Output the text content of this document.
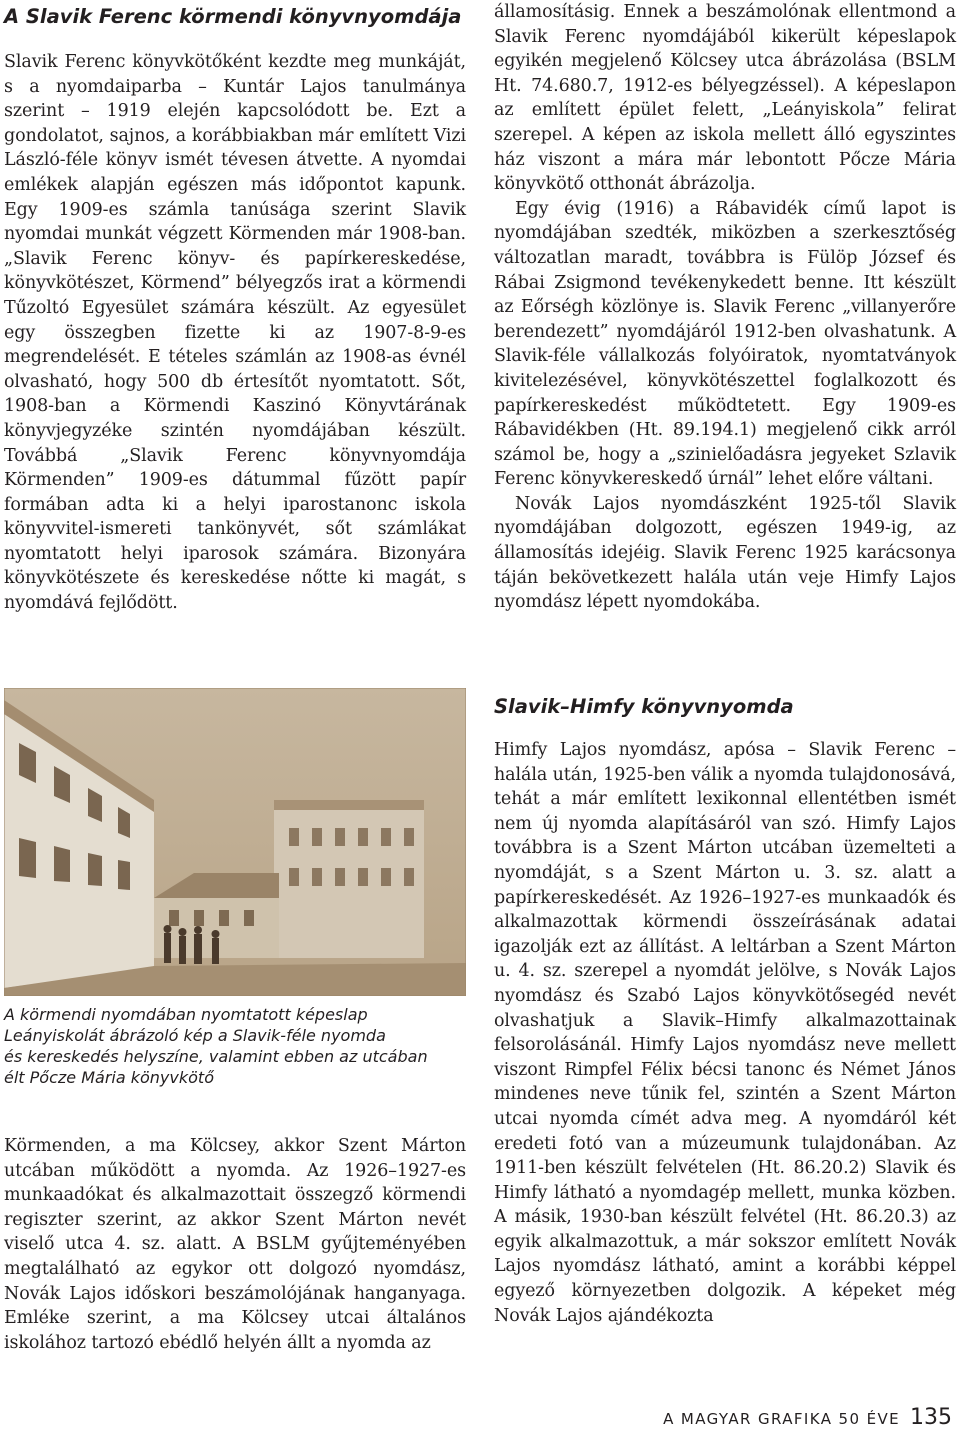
A Slavik Ferenc körmendi könyvnyomdája

Slavik Ferenc könyvkötőként kezdte meg munkáját, s a nyomdaiparba – Kuntár Lajos tanulmánya szerint – 1919 elején kapcsolódott be. Ezt a gondolatot, sajnos, a korábbiakban már említett Vizi László-féle könyv ismét tévesen átvette. A nyomdai emlékek alapján egészen más időpontot kapunk. Egy 1909-es számla tanúsága szerint Slavik nyomdai munkát végzett Körmenden már 1908-ban. „Slavik Ferenc könyv- és papírkereskedése, könyvkötészet, Körmend” bélyegzős irat a körmendi Tűzoltó Egyesület számára készült. Az egyesület egy összegben fizette ki az 1907-8-9-es megrendelését. E tételes számlán az 1908-as évnél olvasható, hogy 500 db értesítőt nyomtatott. Sőt, 1908-ban a Körmendi Kaszinó Könyvtárának könyvjegyzéke szintén nyomdájában készült. Továbbá „Slavik Ferenc könyvnyomdája Körmenden” 1909-es dátummal fűzött papír formában adta ki a helyi iparostanonc iskola könyvvitel-ismereti tankönyvét, sőt számlákat nyomtatott helyi iparosok számára. Bizonyára könyvkötészete és kereskedése nőtte ki magát, s nyomdává fejlődött.

A körmendi nyomdában nyomtatott képeslap
Leányiskolát ábrázoló kép a Slavik-féle nyomda
és kereskedés helyszíne, valamint ebben az utcában
élt Pőcze Mária könyvkötő

Körmenden, a ma Kölcsey, akkor Szent Márton utcában működött a nyomda. Az 1926–1927-es munkaadókat és alkalmazottait összegző körmendi regiszter szerint, az akkor Szent Márton nevét viselő utca 4. sz. alatt. A BSLM gyűjteményében megtalálható az egykor ott dolgozó nyomdász, Novák Lajos időskori beszámolójának hanganyaga. Emléke szerint, a ma Kölcsey utcai általános iskolához tartozó ebédlő helyén állt a nyomda az

államosításig. Ennek a beszámolónak ellentmond a Slavik Ferenc nyomdájából kikerült képeslapok egyikén megjelenő Kölcsey utca ábrázolása (BSLM Ht. 74.680.7, 1912-es bélyegzéssel). A képeslapon az említett épület felett, „Leányiskola” felirat szerepel. A képen az iskola mellett álló egyszintes ház viszont a mára már lebontott Pőcze Mária könyvkötő otthonát ábrázolja.

Egy évig (1916) a Rábavidék című lapot is nyomdájában szedték, miközben a szerkesztőség változatlan maradt, továbbra is Fülöp József és Rábai Zsigmond tevékenykedett benne. Itt készült az Eőrségh közlönye is. Slavik Ferenc „villanyerőre berendezett” nyomdájáról 1912-ben olvashatunk. A Slavik-féle vállalkozás folyóiratok, nyomtatványok kivitelezésével, könyvkötészettel foglalkozott és papírkereskedést működtetett. Egy 1909-es Rábavidékben (Ht. 89.194.1) megjelenő cikk arról számol be, hogy a „szinielőadásra jegyeket Szlavik Ferenc könyvkereskedő úrnál” lehet előre váltani.

Novák Lajos nyomdászként 1925-től Slavik nyomdájában dolgozott, egészen 1949-ig, az államosítás idejéig. Slavik Ferenc 1925 karácsonya táján bekövetkezett halála után veje Himfy Lajos nyomdász lépett nyomdokába.

Slavik–Himfy könyvnyomda

Himfy Lajos nyomdász, apósa – Slavik Ferenc – halála után, 1925-ben válik a nyomda tulajdonosává, tehát a már említett lexikonnal ellentétben ismét nem új nyomda alapításáról van szó. Himfy Lajos továbbra is a Szent Márton utcában üzemelteti a nyomdáját, s a Szent Márton u. 3. sz. alatt a papírkereskedését. Az 1926–1927-es munkaadók és alkalmazottak körmendi összeírásának adatai igazolják ezt az állítást. A leltárban a Szent Márton u. 4. sz. szerepel a nyomdát jelölve, s Novák Lajos nyomdász és Szabó Lajos könyvkötősegéd nevét olvashatjuk a Slavik–Himfy alkalmazottainak felsorolásánál. Himfy Lajos nyomdász neve mellett viszont Rimpfel Félix bécsi tanonc és Német János mindenes neve tűnik fel, szintén a Szent Márton utcai nyomda címét adva meg. A nyomdáról két eredeti fotó van a múzeumunk tulajdonában. Az 1911-ben készült felvételen (Ht. 86.20.2) Slavik és Himfy látható a nyomdagép mellett, munka közben. A másik, 1930-ban készült felvétel (Ht. 86.20.3) az egyik alkalmazottuk, a már sokszor említett Novák Lajos nyomdász látható, amint a korábbi képpel egyező környezetben dolgozik. A képeket még Novák Lajos ajándékozta

A MAGYAR GRAFIKA 50 ÉVE 135
